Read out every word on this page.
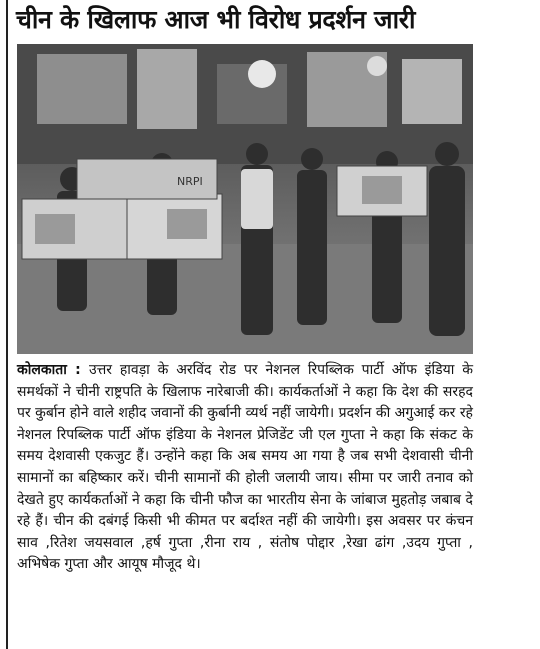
चीन के खिलाफ आज भी विरोध प्रदर्शन जारी
NRPI
कोलकाता : उत्तर हावड़ा के अरविंद रोड पर नेशनल रिपब्लिक पार्टी ऑफ इंडिया के समर्थकों ने चीनी राष्ट्रपति के खिलाफ नारेबाजी की। कार्यकर्ताओं ने कहा कि देश की सरहद पर कुर्बान होने वाले शहीद जवानों की कुर्बानी व्यर्थ नहीं जायेगी। प्रदर्शन की अगुआई कर रहे नेशनल रिपब्लिक पार्टी ऑफ इंडिया के नेशनल प्रेजिडेंट जी एल गुप्ता ने कहा कि संकट के समय देशवासी एकजुट हैं। उन्होंने कहा कि अब समय आ गया है जब सभी देशवासी चीनी सामानों का बहिष्कार करें। चीनी सामानों की होली जलायी जाय। सीमा पर जारी तनाव को देखते हुए कार्यकर्ताओं ने कहा कि चीनी फौज का भारतीय सेना के जांबाज मुहतोड़ जबाब दे रहे हैं। चीन की दबंगई किसी भी कीमत पर बर्दाश्त नहीं की जायेगी। इस अवसर पर कंचन साव ,रितेश जयसवाल ,हर्ष गुप्ता ,रीना राय , संतोष पोद्दार ,रेखा ढांग ,उदय गुप्ता , अभिषेक गुप्ता और आयूष मौजूद थे।
